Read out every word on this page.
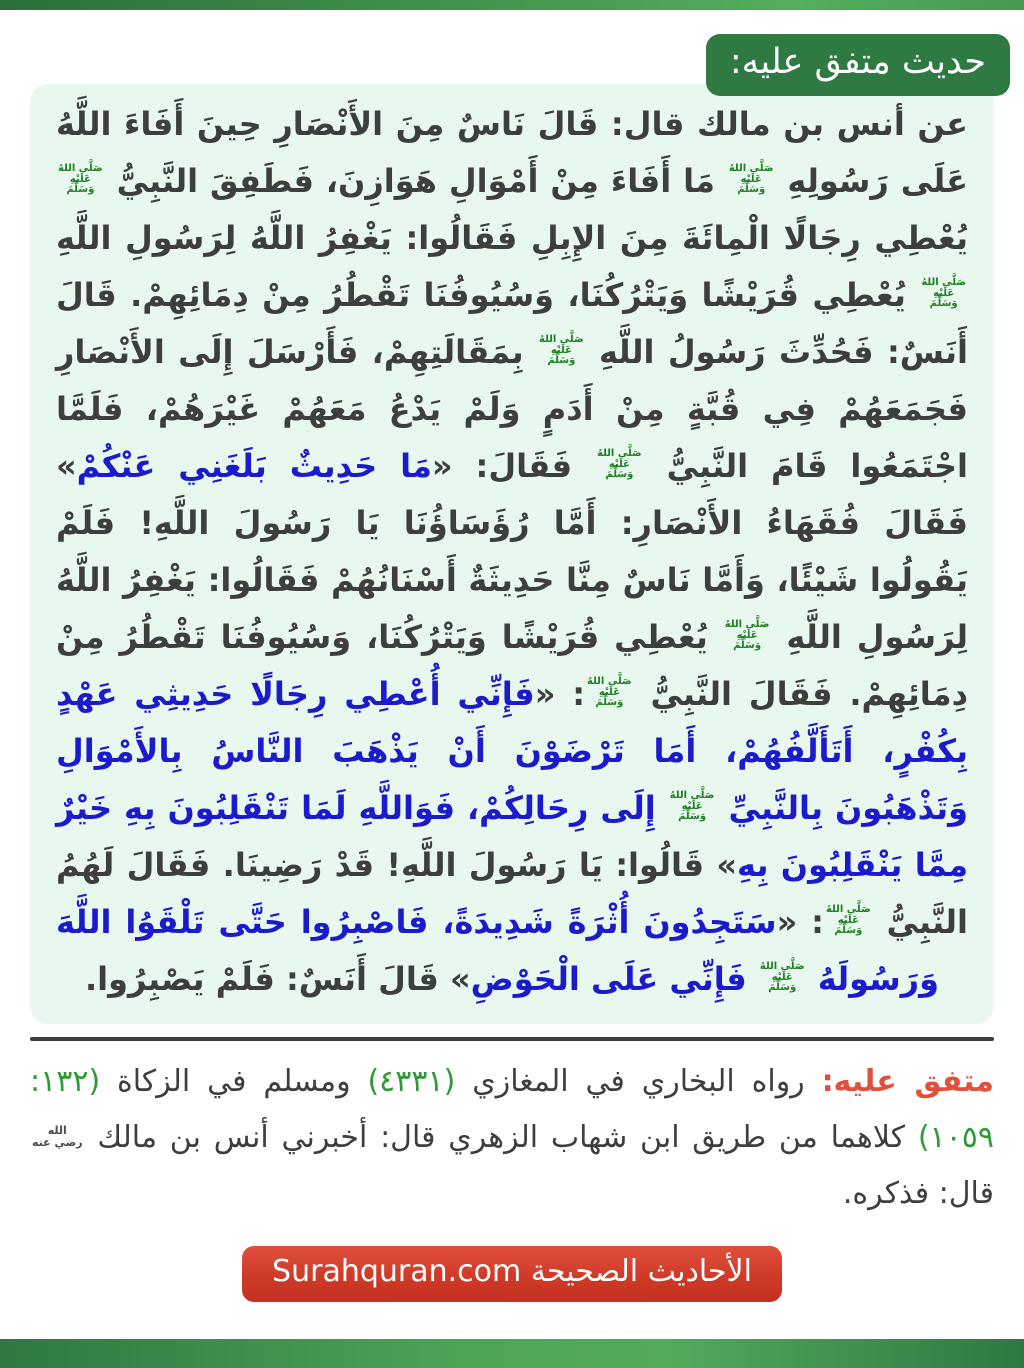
حديث متفق عليه:

عن أنس بن مالك قال: قَالَ نَاسٌ مِنَ الأَنْصَارِ حِينَ أَفَاءَ اللَّهُ عَلَى رَسُولِهِ
صَلَّى اللهُ
عَلَيْهِ
وَسَلَّمَ
مَا أَفَاءَ مِنْ أَمْوَالِ هَوَازِنَ، فَطَفِقَ النَّبِيُّ
صَلَّى اللهُ
عَلَيْهِ
وَسَلَّمَ
يُعْطِي رِجَالًا الْمِائَةَ مِنَ الإِبِلِ فَقَالُوا: يَغْفِرُ اللَّهُ لِرَسُولِ اللَّهِ
صَلَّى اللهُ
عَلَيْهِ
وَسَلَّمَ
يُعْطِي قُرَيْشًا وَيَتْرُكُنَا، وَسُيُوفُنَا تَقْطُرُ مِنْ دِمَائِهِمْ. قَالَ أَنَسٌ: فَحُدِّثَ رَسُولُ اللَّهِ
صَلَّى اللهُ
عَلَيْهِ
وَسَلَّمَ
بِمَقَالَتِهِمْ، فَأَرْسَلَ إِلَى الأَنْصَارِ فَجَمَعَهُمْ فِي قُبَّةٍ مِنْ أَدَمٍ وَلَمْ يَدْعُ مَعَهُمْ غَيْرَهُمْ، فَلَمَّا اجْتَمَعُوا قَامَ النَّبِيُّ
صَلَّى اللهُ
عَلَيْهِ
وَسَلَّمَ
فَقَالَ: «مَا حَدِيثٌ بَلَغَنِي عَنْكُمْ» فَقَالَ فُقَهَاءُ الأَنْصَارِ: أَمَّا رُؤَسَاؤُنَا يَا رَسُولَ اللَّهِ! فَلَمْ يَقُولُوا شَيْئًا، وَأَمَّا نَاسٌ مِنَّا حَدِيثَةٌ أَسْنَانُهُمْ فَقَالُوا: يَغْفِرُ اللَّهُ لِرَسُولِ اللَّهِ
صَلَّى اللهُ
عَلَيْهِ
وَسَلَّمَ
يُعْطِي قُرَيْشًا وَيَتْرُكُنَا، وَسُيُوفُنَا تَقْطُرُ مِنْ دِمَائِهِمْ. فَقَالَ النَّبِيُّ
صَلَّى اللهُ
عَلَيْهِ
وَسَلَّمَ
: «فَإِنِّي أُعْطِي رِجَالًا حَدِيثِي عَهْدٍ بِكُفْرٍ، أَتَأَلَّفُهُمْ، أَمَا تَرْضَوْنَ أَنْ يَذْهَبَ النَّاسُ بِالأَمْوَالِ وَتَذْهَبُونَ بِالنَّبِيِّ
صَلَّى اللهُ
عَلَيْهِ
وَسَلَّمَ
إِلَى رِحَالِكُمْ، فَوَاللَّهِ لَمَا تَنْقَلِبُونَ بِهِ خَيْرٌ مِمَّا يَنْقَلِبُونَ بِهِ» قَالُوا: يَا رَسُولَ اللَّهِ! قَدْ رَضِينَا. فَقَالَ لَهُمُ النَّبِيُّ
صَلَّى اللهُ
عَلَيْهِ
وَسَلَّمَ
: «سَتَجِدُونَ أُثْرَةً شَدِيدَةً، فَاصْبِرُوا حَتَّى تَلْقَوُا اللَّهَ وَرَسُولَهُ
صَلَّى اللهُ
عَلَيْهِ
وَسَلَّمَ
فَإِنِّي عَلَى الْحَوْضِ» قَالَ أَنَسٌ: فَلَمْ يَصْبِرُوا.

متفق عليه: رواه البخاري في المغازي (٤٣٣١) ومسلم في الزكاة (١٣٢: ١٠٥٩) كلاهما من طريق ابن شهاب الزهري قال: أخبرني أنس بن مالك
الله
رضي عنه
قال: فذكره.

الأحاديث الصحيحة Surahquran.com
